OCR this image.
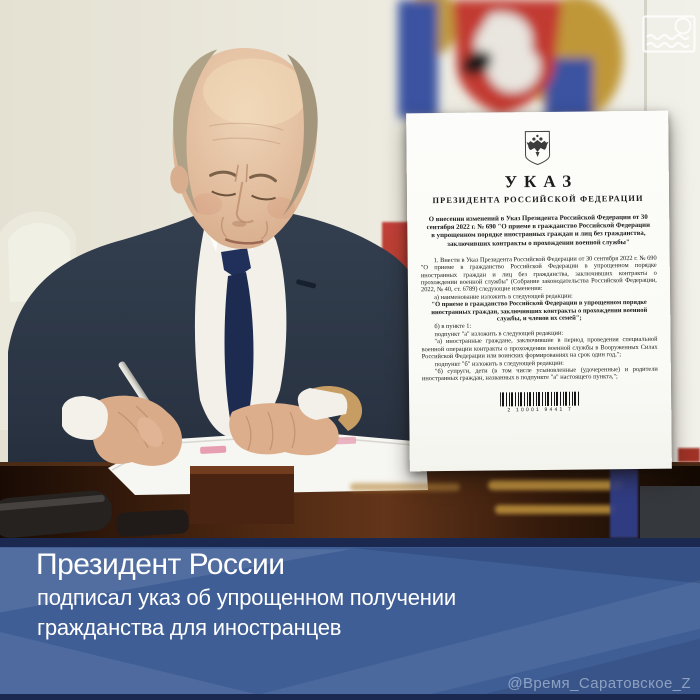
УКАЗ
ПРЕЗИДЕНТА РОССИЙСКОЙ ФЕДЕРАЦИИ

О внесении изменений в Указ Президента Российской Федерации от 30 сентября 2022 г. № 690 "О приеме в гражданство Российской Федерации в упрощенном порядке иностранных граждан и лиц без гражданства, заключивших контракты о прохождении военной службы"

1. Внести в Указ Президента Российской Федерации от 30 сентября 2022 г. № 690 "О приеме в гражданство Российской Федерации в упрощенном порядке иностранных граждан и лиц без гражданства, заключивших контракты о прохождении военной службы" (Собрание законодательства Российской Федерации, 2022, № 40, ст. 6789) следующие изменения:

а) наименование изложить в следующей редакции:

"О приеме в гражданство Российской Федерации в упрощенном порядке иностранных граждан, заключивших контракты о прохождении военной службы, и членов их семей";

б) в пункте 1:

подпункт "а" изложить в следующей редакции:

"а) иностранные граждане, заключившие в период проведения специальной военной операции контракты о прохождении военной службы в Вооруженных Силах Российской Федерации или воинских формированиях на срок один год,";

подпункт "б" изложить в следующей редакции:

"б) супруги, дети (в том числе усыновленные (удочеренные) и родители иностранных граждан, названных в подпункте "а" настоящего пункта,";

2 10001 9441 7
Президент России
подписал указ об упрощенном получении
гражданства для иностранцев
@Время_Саратовское_Z
